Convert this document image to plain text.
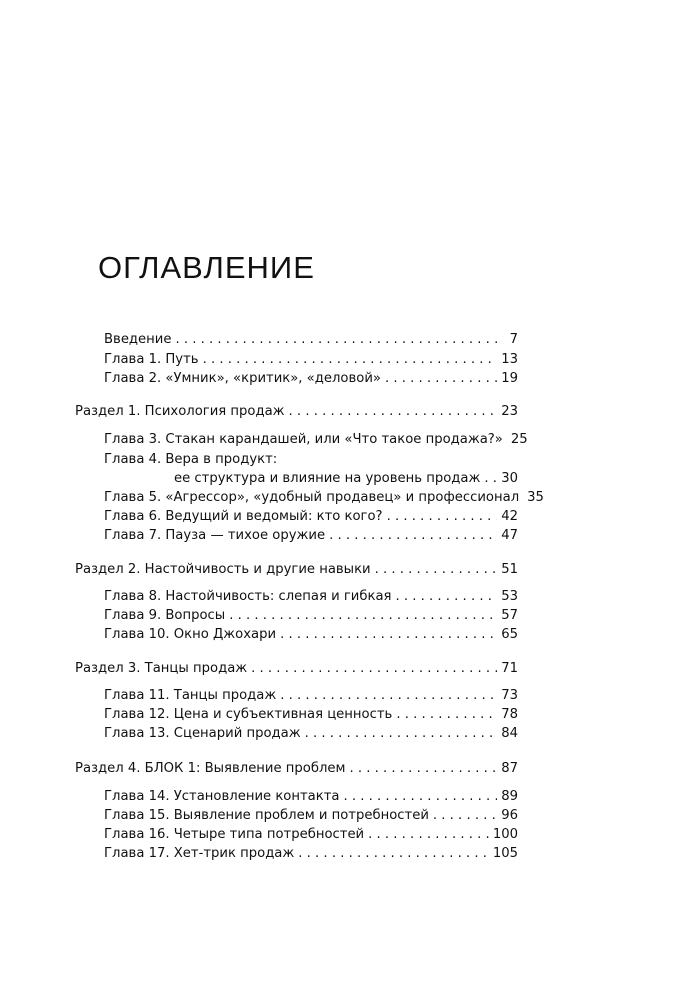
ОГЛАВЛЕНИЕ
Введение . . .	7
Глава 1. Путь . . .	13
Глава 2. «Умник», «критик», «деловой» . . .	19
Раздел 1. Психология продаж . . .	23
Глава 3. Стакан карандашей, или «Что такое продажа?» 25
Глава 4. Вера в продукт:
ее структура и влияние на уровень продаж . . . 30
Глава 5. «Агрессор», «удобный продавец» и профессионал 35
Глава 6. Ведущий и ведомый: кто кого? . . .	42
Глава 7. Пауза — тихое оружие . . .	47
Раздел 2. Настойчивость и другие навыки . . .	51
Глава 8. Настойчивость: слепая и гибкая . . .	53
Глава 9. Вопросы . . .	57
Глава 10. Окно Джохари . . .	65
Раздел 3. Танцы продаж . . .	71
Глава 11. Танцы продаж . . .	73
Глава 12. Цена и субъективная ценность . . .	78
Глава 13. Сценарий продаж . . .	84
Раздел 4. БЛОК 1: Выявление проблем . . .	87
Глава 14. Установление контакта . . .	89
Глава 15. Выявление проблем и потребностей . . .	96
Глава 16. Четыре типа потребностей . . .	100
Глава 17. Хет-трик продаж . . .	105
